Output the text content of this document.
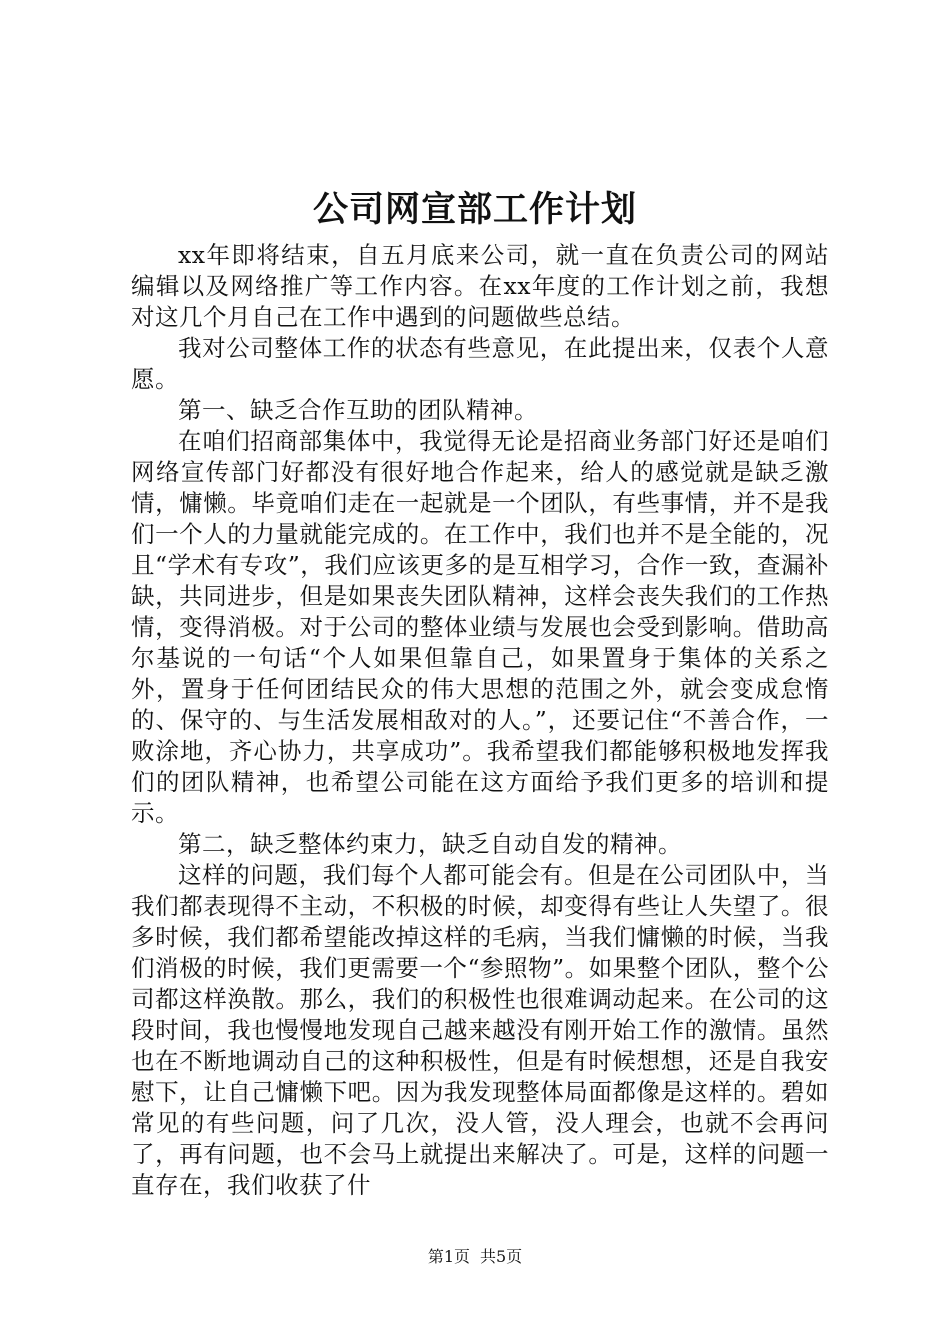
公司网宣部工作计划

xx年即将结束，自五月底来公司，就一直在负责公司的网站编辑以及网络推广等工作内容。在xx年度的工作计划之前，我想对这几个月自己在工作中遇到的问题做些总结。

我对公司整体工作的状态有些意见，在此提出来，仅表个人意愿。

第一、缺乏合作互助的团队精神。

在咱们招商部集体中，我觉得无论是招商业务部门好还是咱们网络宣传部门好都没有很好地合作起来，给人的感觉就是缺乏激情，慵懒。毕竟咱们走在一起就是一个团队，有些事情，并不是我们一个人的力量就能完成的。在工作中，我们也并不是全能的，况且“学术有专攻”，我们应该更多的是互相学习，合作一致，查漏补缺，共同进步，但是如果丧失团队精神，这样会丧失我们的工作热情，变得消极。对于公司的整体业绩与发展也会受到影响。借助高尔基说的一句话“个人如果但靠自己，如果置身于集体的关系之外，置身于任何团结民众的伟大思想的范围之外，就会变成怠惰的、保守的、与生活发展相敌对的人。”，还要记住“不善合作，一败涂地，齐心协力，共享成功”。我希望我们都能够积极地发挥我们的团队精神，也希望公司能在这方面给予我们更多的培训和提示。

第二，缺乏整体约束力，缺乏自动自发的精神。

这样的问题，我们每个人都可能会有。但是在公司团队中，当我们都表现得不主动，不积极的时候，却变得有些让人失望了。很多时候，我们都希望能改掉这样的毛病，当我们慵懒的时候，当我们消极的时候，我们更需要一个“参照物”。如果整个团队，整个公司都这样涣散。那么，我们的积极性也很难调动起来。在公司的这段时间，我也慢慢地发现自己越来越没有刚开始工作的激情。虽然也在不断地调动自己的这种积极性，但是有时候想想，还是自我安慰下，让自己慵懒下吧。因为我发现整体局面都像是这样的。碧如常见的有些问题，问了几次，没人管，没人理会，也就不会再问了，再有问题，也不会马上就提出来解决了。可是，这样的问题一直存在，我们收获了什

第1页 共5页
